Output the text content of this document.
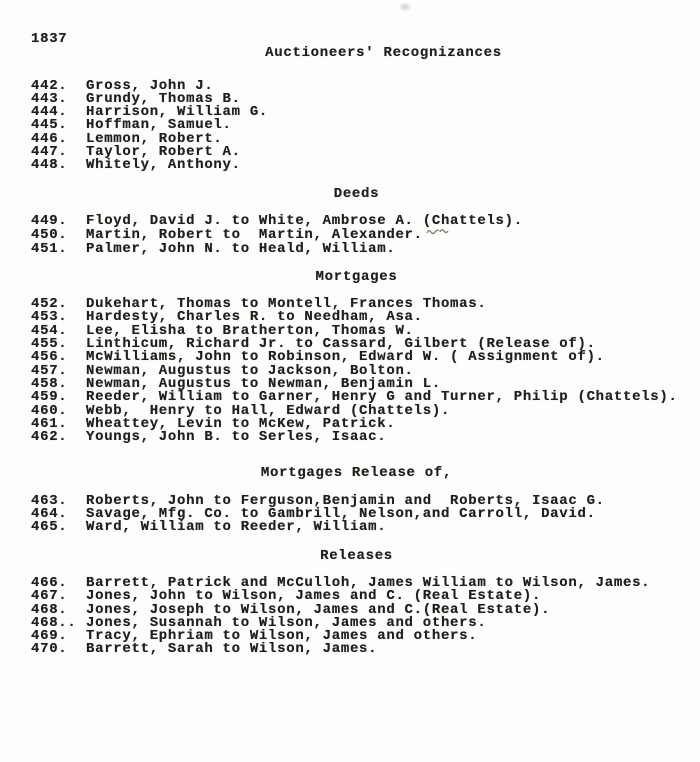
1837
Auctioneers' Recognizances
442.	Gross, John J.
443.	Grundy, Thomas B.
444.	Harrison, William G.
445.	Hoffman, Samuel.
446.	Lemmon, Robert.
447.	Taylor, Robert A.
448.	Whitely, Anthony.
Deeds
449.	Floyd, David J. to White, Ambrose A. (Chattels).
450.	Martin, Robert to  Martin, Alexander.
451.	Palmer, John N. to Heald, William.
Mortgages
452.	Dukehart, Thomas to Montell, Frances Thomas.
453.	Hardesty, Charles R. to Needham, Asa.
454.	Lee, Elisha to Bratherton, Thomas W.
455.	Linthicum, Richard Jr. to Cassard, Gilbert (Release of).
456.	McWilliams, John to Robinson, Edward W. ( Assignment of).
457.	Newman, Augustus to Jackson, Bolton.
458.	Newman, Augustus to Newman, Benjamin L.
459.	Reeder, William to Garner, Henry G and Turner, Philip (Chattels).
460.	Webb,  Henry to Hall, Edward (Chattels).
461.	Wheattey, Levin to McKew, Patrick.
462.	Youngs, John B. to Serles, Isaac.
Mortgages Release of,
463.	Roberts, John to Ferguson,Benjamin and  Roberts, Isaac G.
464.	Savage, Mfg. Co. to Gambrill, Nelson,and Carroll, David.
465.	Ward, William to Reeder, William.
Releases
466.	Barrett, Patrick and McCulloh, James William to Wilson, James.
467.	Jones, John to Wilson, James and C. (Real Estate).
468.	Jones, Joseph to Wilson, James and C.(Real Estate).
468.. Jones, Susannah to Wilson, James and others.
469.	Tracy, Ephriam to Wilson, James and others.
470.	Barrett, Sarah to Wilson, James.
